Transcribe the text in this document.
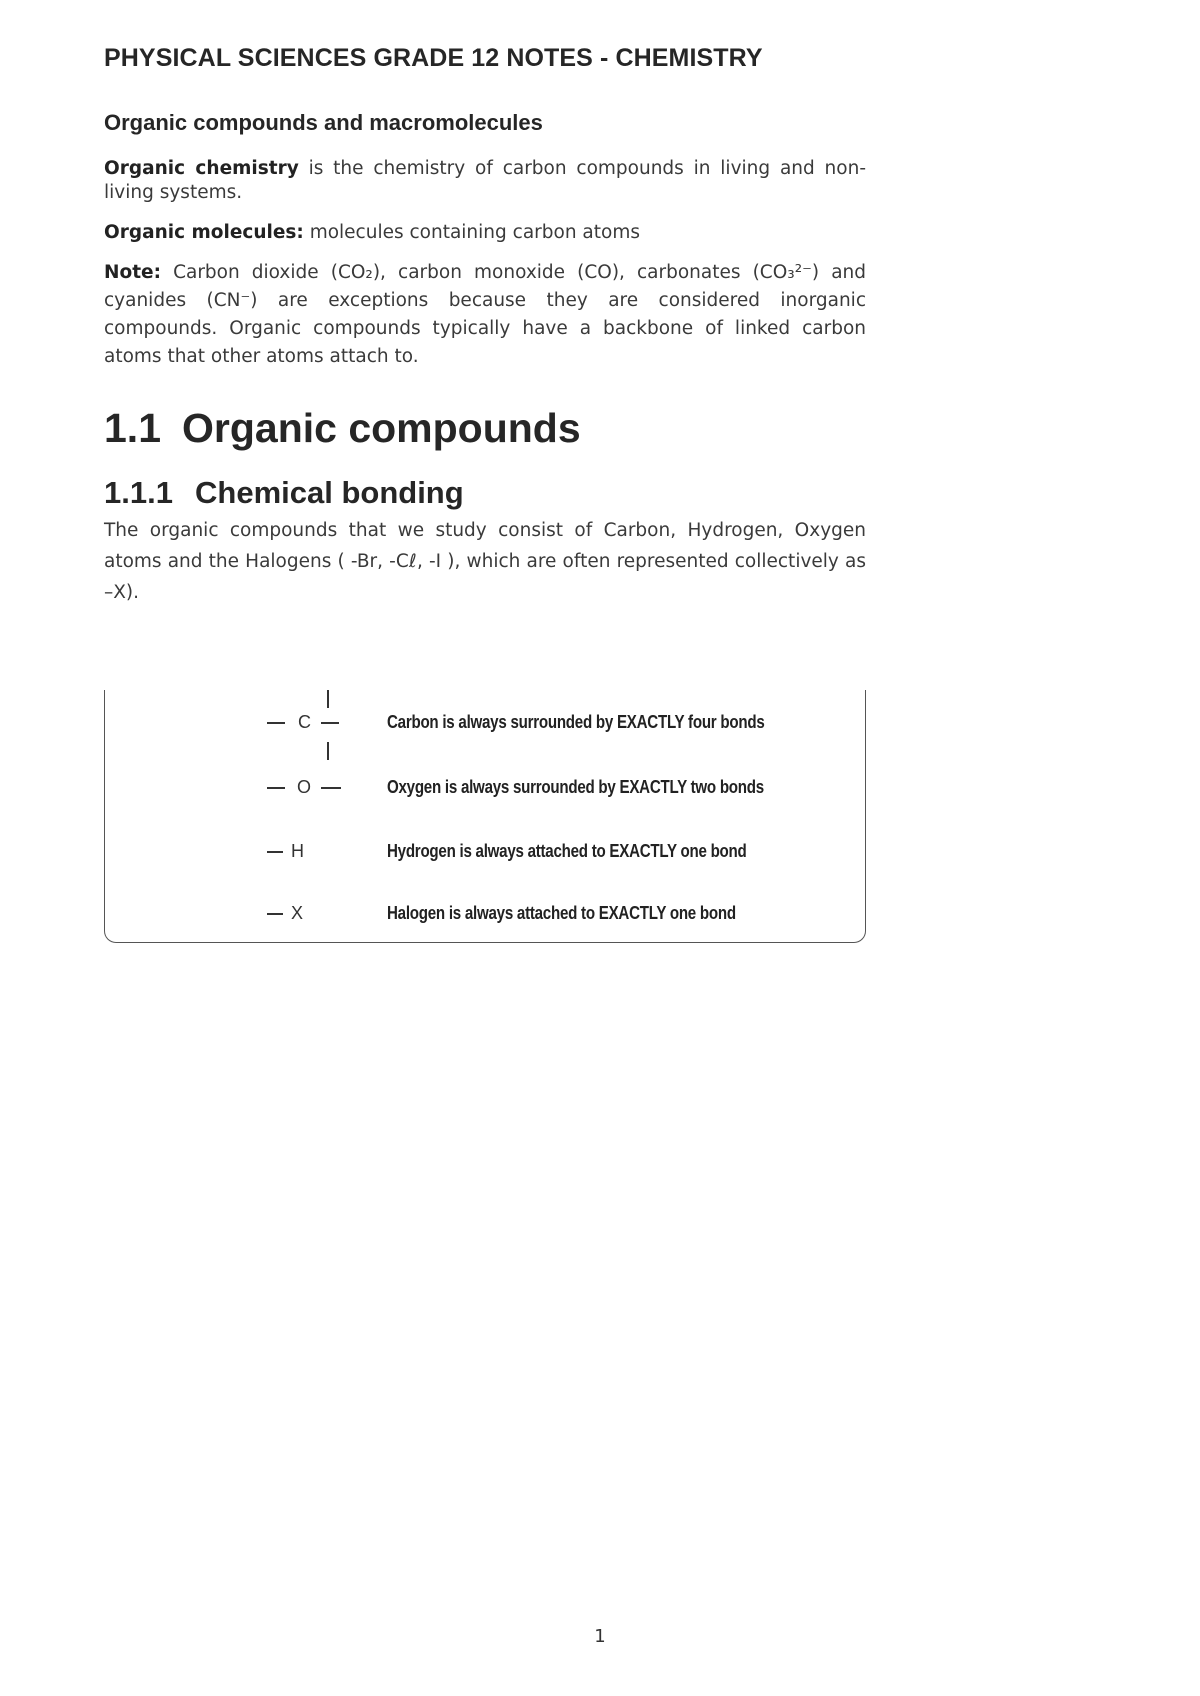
PHYSICAL SCIENCES GRADE 12 NOTES - CHEMISTRY
Organic compounds and macromolecules
Organic chemistry is the chemistry of carbon compounds in living and non-living systems.
Organic molecules: molecules containing carbon atoms
Note: Carbon dioxide (CO₂), carbon monoxide (CO), carbonates (CO₃²⁻) and cyanides (CN⁻) are exceptions because they are considered inorganic compounds. Organic compounds typically have a backbone of linked carbon atoms that other atoms attach to.
1.1 Organic compounds
1.1.1 Chemical bonding
The organic compounds that we study consist of Carbon, Hydrogen, Oxygen atoms and the Halogens ( -Br, -Cℓ, -I ), which are often represented collectively as –X).
C	Carbon is always surrounded by EXACTLY four bonds
O	Oxygen is always surrounded by EXACTLY two bonds
H	Hydrogen is always attached to EXACTLY one bond
X	Halogen is always attached to EXACTLY one bond
1
